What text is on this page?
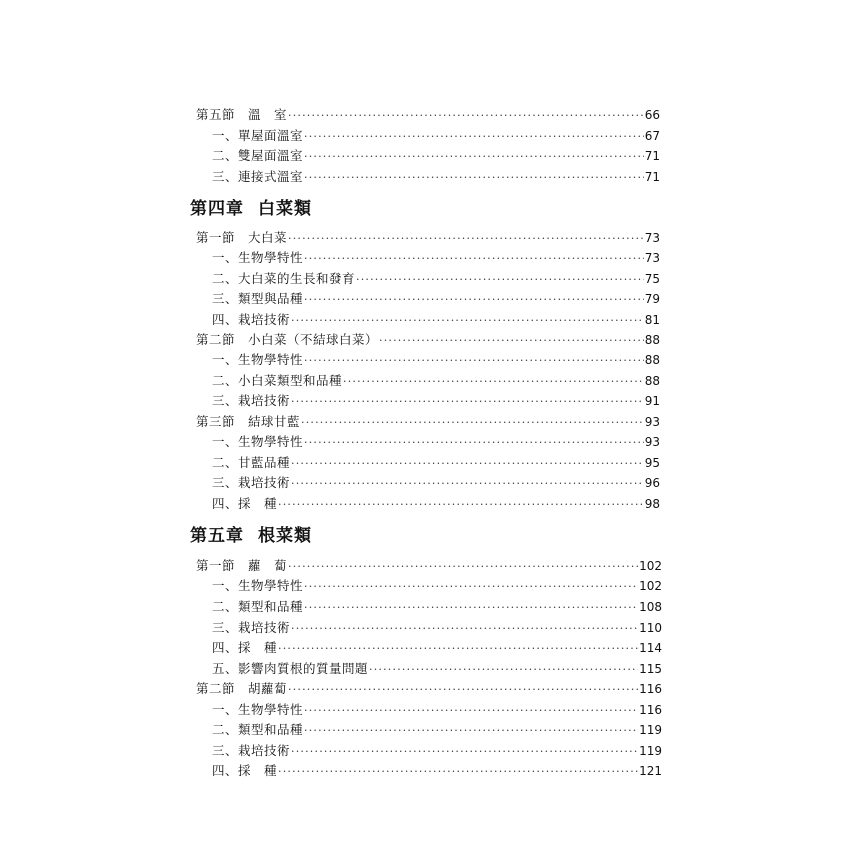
第五節　溫　室 ·····	66
一、單屋面溫室 ·····	67
二、雙屋面溫室 ·····	71
三、連接式溫室 ·····	71
第四章 白菜類
第一節　大白菜 ·····	73
一、生物學特性 ·····	73
二、大白菜的生長和發育 ·····	75
三、類型與品種 ·····	79
四、栽培技術 ·····	81
第二節　小白菜（不結球白菜） ·····	88
一、生物學特性 ·····	88
二、小白菜類型和品種 ·····	88
三、栽培技術 ·····	91
第三節　結球甘藍 ·····	93
一、生物學特性 ·····	93
二、甘藍品種 ·····	95
三、栽培技術 ·····	96
四、採　種 ·····	98
第五章 根菜類
第一節　蘿　蔔 ·····	102
一、生物學特性 ·····	102
二、類型和品種 ·····	108
三、栽培技術 ·····	110
四、採　種 ·····	114
五、影響肉質根的質量問題 ·····	115
第二節　胡蘿蔔 ·····	116
一、生物學特性 ·····	116
二、類型和品種 ·····	119
三、栽培技術 ·····	119
四、採　種 ·····	121
